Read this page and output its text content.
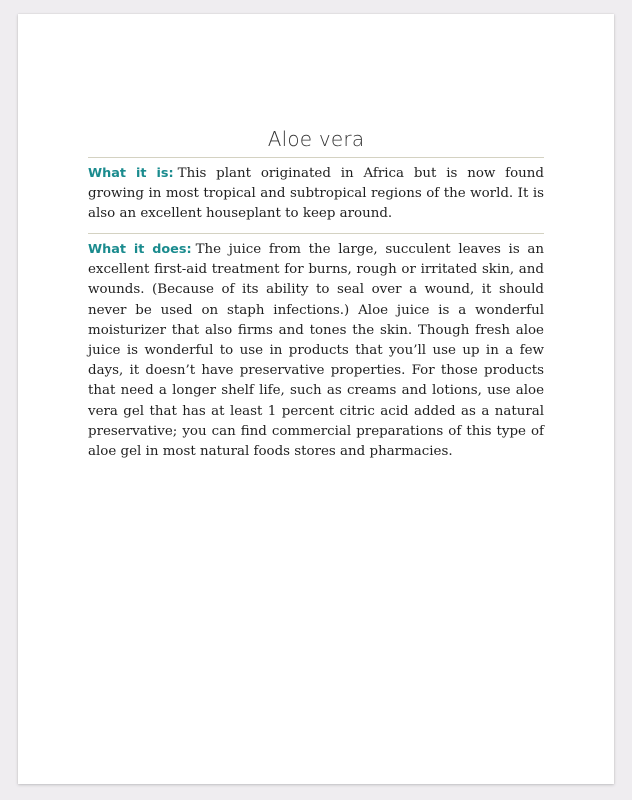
Aloe vera
What it is: This plant originated in Africa but is now found growing in most tropical and subtropical regions of the world. It is also an excellent houseplant to keep around.
What it does: The juice from the large, succulent leaves is an excellent first-aid treatment for burns, rough or irritated skin, and wounds. (Because of its ability to seal over a wound, it should never be used on staph infections.) Aloe juice is a wonderful moisturizer that also firms and tones the skin. Though fresh aloe juice is wonderful to use in products that you’ll use up in a few days, it doesn’t have preservative properties. For those products that need a longer shelf life, such as creams and lotions, use aloe vera gel that has at least 1 percent citric acid added as a natural preservative; you can find commercial preparations of this type of aloe gel in most natural foods stores and pharmacies.
